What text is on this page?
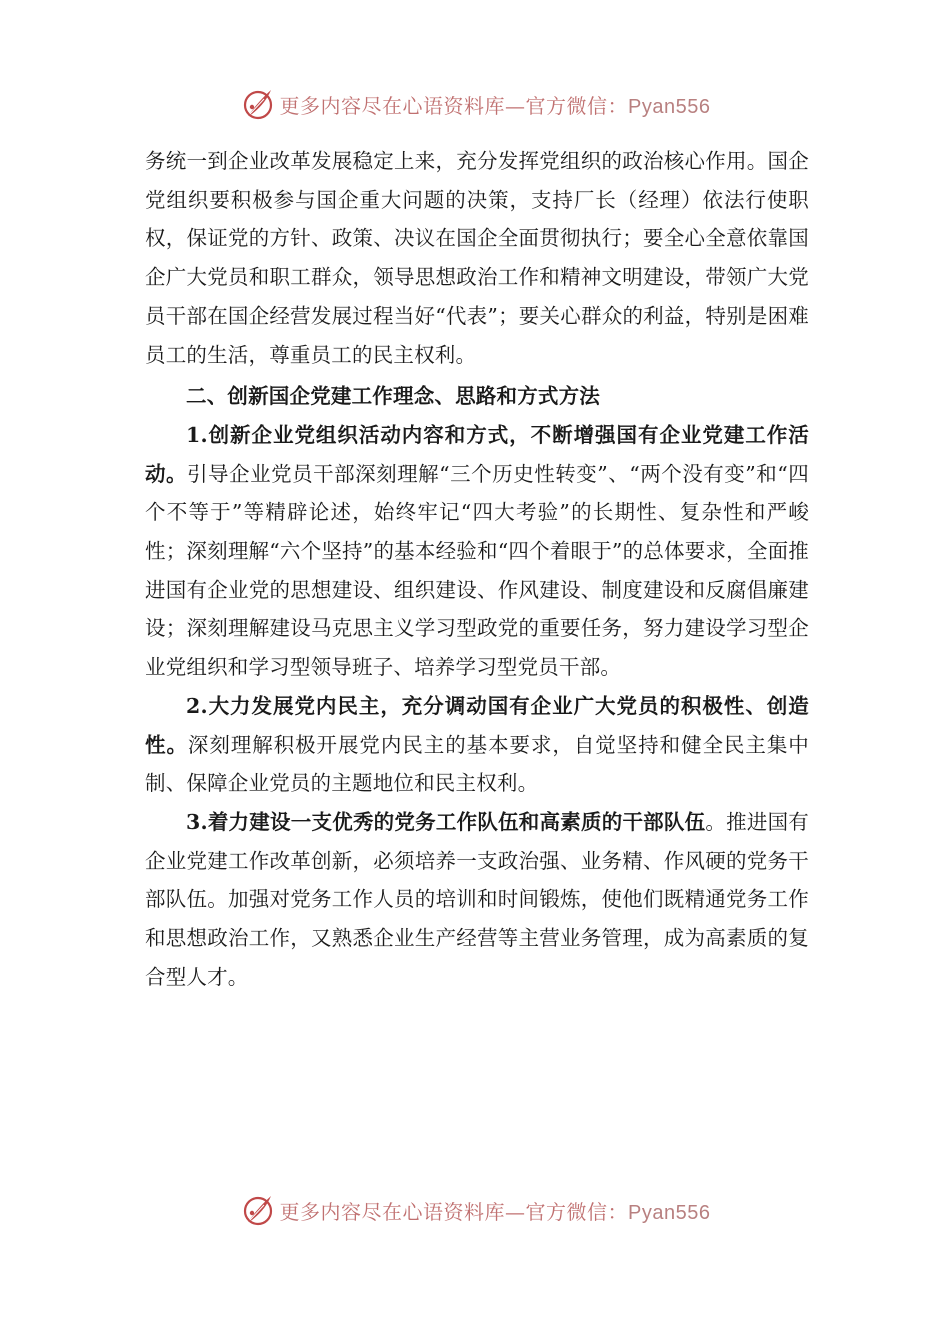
更多内容尽在心语资料库—官方微信：Pyan556

务统一到企业改革发展稳定上来，充分发挥党组织的政治核心作用。国企党组织要积极参与国企重大问题的决策，支持厂长（经理）依法行使职权，保证党的方针、政策、决议在国企全面贯彻执行；要全心全意依靠国企广大党员和职工群众，领导思想政治工作和精神文明建设，带领广大党员干部在国企经营发展过程当好“代表”；要关心群众的利益，特别是困难员工的生活，尊重员工的民主权利。

二、创新国企党建工作理念、思路和方式方法

1.创新企业党组织活动内容和方式，不断增强国有企业党建工作活动。引导企业党员干部深刻理解“三个历史性转变”、“两个没有变”和“四个不等于”等精辟论述，始终牢记“四大考验”的长期性、复杂性和严峻性；深刻理解“六个坚持”的基本经验和“四个着眼于”的总体要求，全面推进国有企业党的思想建设、组织建设、作风建设、制度建设和反腐倡廉建设；深刻理解建设马克思主义学习型政党的重要任务，努力建设学习型企业党组织和学习型领导班子、培养学习型党员干部。

2.大力发展党内民主，充分调动国有企业广大党员的积极性、创造性。深刻理解积极开展党内民主的基本要求，自觉坚持和健全民主集中制、保障企业党员的主题地位和民主权利。

3.着力建设一支优秀的党务工作队伍和高素质的干部队伍。推进国有企业党建工作改革创新，必须培养一支政治强、业务精、作风硬的党务干部队伍。加强对党务工作人员的培训和时间锻炼，使他们既精通党务工作和思想政治工作，又熟悉企业生产经营等主营业务管理，成为高素质的复合型人才。

更多内容尽在心语资料库—官方微信：Pyan556
